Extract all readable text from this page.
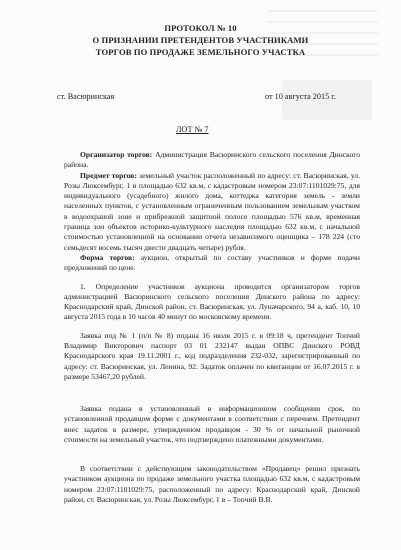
ПРОТОКОЛ № 10
О ПРИЗНАНИИ ПРЕТЕНДЕНТОВ УЧАСТНИКАМИ
ТОРГОВ ПО ПРОДАЖЕ ЗЕМЕЛЬНОГО УЧАСТКА
ст. Васюринская	от 10 августа 2015 г.
ЛОТ № 7

Организатор торгов: Администрация Васюринского сельского поселения Динского района.

Предмет торгов: земельный участок расположенный по адресу: ст. Васюринская, ул. Розы Люксембург, 1 в площадью 632 кв.м, с кадастровым номером 23:07:1101029:75, для индивидуального (усадебного) жилого дома, коттеджа категория земель - земли населенных пунктов, с установленным ограниченным пользованием земельным участком в водоохраной зоне и прибрежной защитной полосе площадью 576 кв.м, временная граница зон объектов историко-культурного наследия площадью 632 кв.м, с начальной стоимостью установленной на основании отчета независимого оценщика – 178 224 (сто семьдесят восемь тысяч двести двадцать четыре) рубля.

Форма торгов: аукцион, открытый по составу участников и форме подачи предложений по цене.

1. Определение участников аукциона проводится организатором торгов администрацией Васюринского сельского поселения Динского района по адресу: Краснодарский край, Динской район, ст. Васюринская, ул. Луначарского, 94 а, каб. 10, 10 августа 2015 года в 10 часов 40 минут по московскому времени.

Заявка под № 1 (п/п № 8) подана 16 июля 2015 г. в 09:18 ч, претендент Топчий Владимир Викторович паспорт 03 01 232147 выдан ОПВС Динского РОВД Краснодарского края 19.11.2001 г., код подразделения 232-032, зарегистрированный по адресу: ст. Васюринская, ул. Ленина, 92. Задаток оплачен по квитанции от 16.07.2015 г. в размере 53467,20 рублей.

Заявка подана в установленный в информационном сообщении срок, по установленной продавцом форме с документами в соответствии с перечнем. Претендент внес задаток в размере, утвержденном продавцом - 30 % от начальной рыночной стоимости на земельный участок, что подтверждено платежными документами.

В соответствии с действующим законодательством «Продавец» решил признать участником аукциона по продаже земельного участка площадью 632 кв.м, с кадастровым номером 23:07:1101029:75, расположенный по адресу: Краснодарский край, Динской район, ст. Васюринская, ул. Розы Люксембург, 1 в – Топчий В.В.
